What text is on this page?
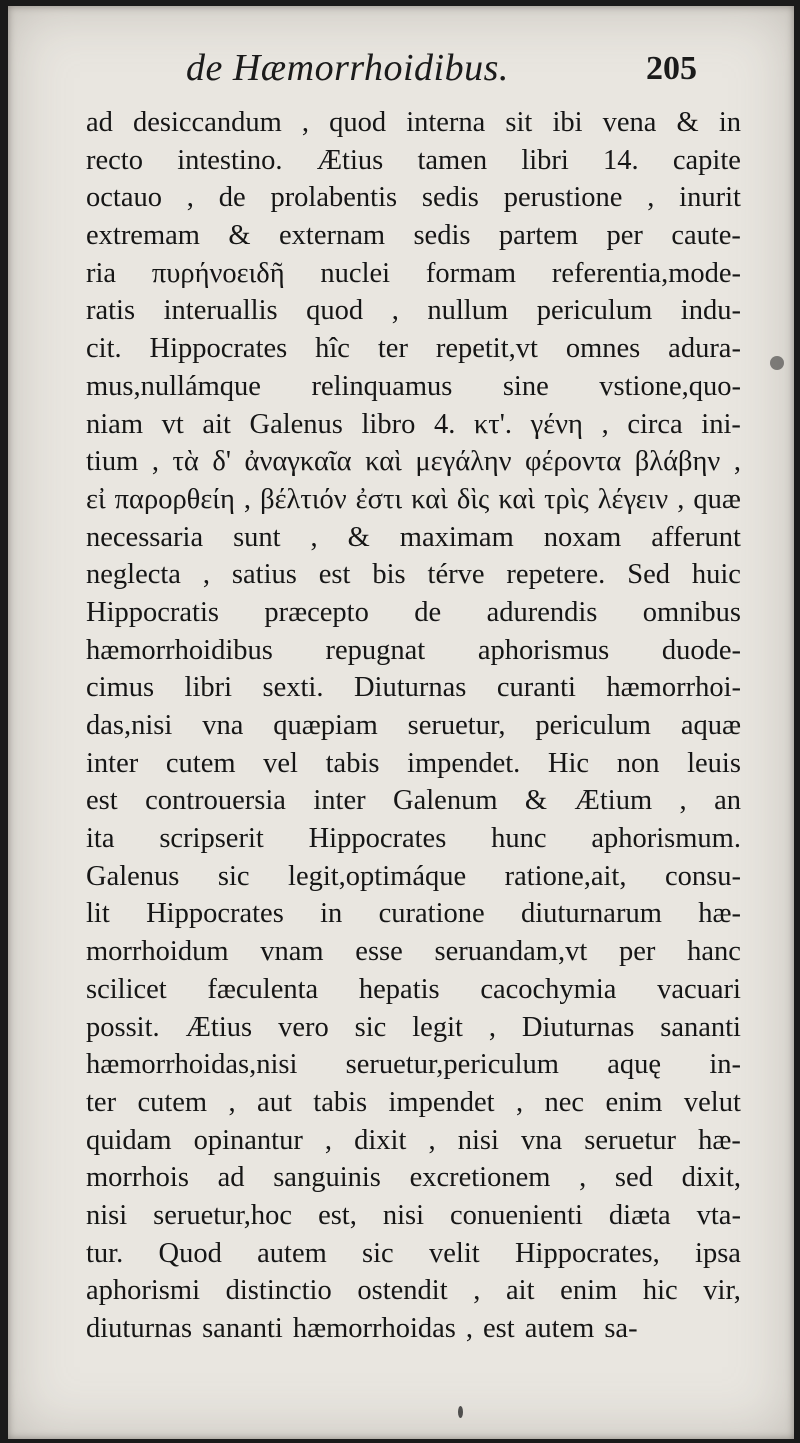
de Hæmorrhoidibus.	205
ad desiccandum , quod interna sit ibi vena & in
recto intestino. Ætius tamen libri 14. capite
octauo , de prolabentis sedis perustione , inurit
extremam & externam sedis partem per caute-
ria πυρήνοειδῆ nuclei formam referentia,mode-
ratis interuallis quod , nullum periculum indu-
cit. Hippocrates hîc ter repetit,vt omnes adura-
mus,nullámque relinquamus sine vstione,quo-
niam vt ait Galenus libro 4. κτ'. γένη , circa ini-
tium , τὰ δ' ἀναγκαῖα καὶ μεγάλην φέροντα βλάβην ,
εἰ παρορθείη , βέλτιόν ἐστι καὶ δὶς καὶ τρὶς λέγειν , quæ
necessaria sunt , & maximam noxam afferunt
neglecta , satius est bis térve repetere. Sed huic
Hippocratis præcepto de adurendis omnibus
hæmorrhoidibus repugnat aphorismus duode-
cimus libri sexti. Diuturnas curanti hæmorrhoi-
das,nisi vna quæpiam seruetur, periculum aquæ
inter cutem vel tabis impendet. Hic non leuis
est controuersia inter Galenum & Ætium , an
ita scripserit Hippocrates hunc aphorismum.
Galenus sic legit,optimáque ratione,ait, consu-
lit Hippocrates in curatione diuturnarum hæ-
morrhoidum vnam esse seruandam,vt per hanc
scilicet fæculenta hepatis cacochymia vacuari
possit. Ætius vero sic legit , Diuturnas sananti
hæmorrhoidas,nisi seruetur,periculum aquę in-
ter cutem , aut tabis impendet , nec enim velut
quidam opinantur , dixit , nisi vna seruetur hæ-
morrhois ad sanguinis excretionem , sed dixit,
nisi seruetur,hoc est, nisi conuenienti diæta vta-
tur. Quod autem sic velit Hippocrates, ipsa
aphorismi distinctio ostendit , ait enim hic vir,
diuturnas sananti hæmorrhoidas , est autem sa-
